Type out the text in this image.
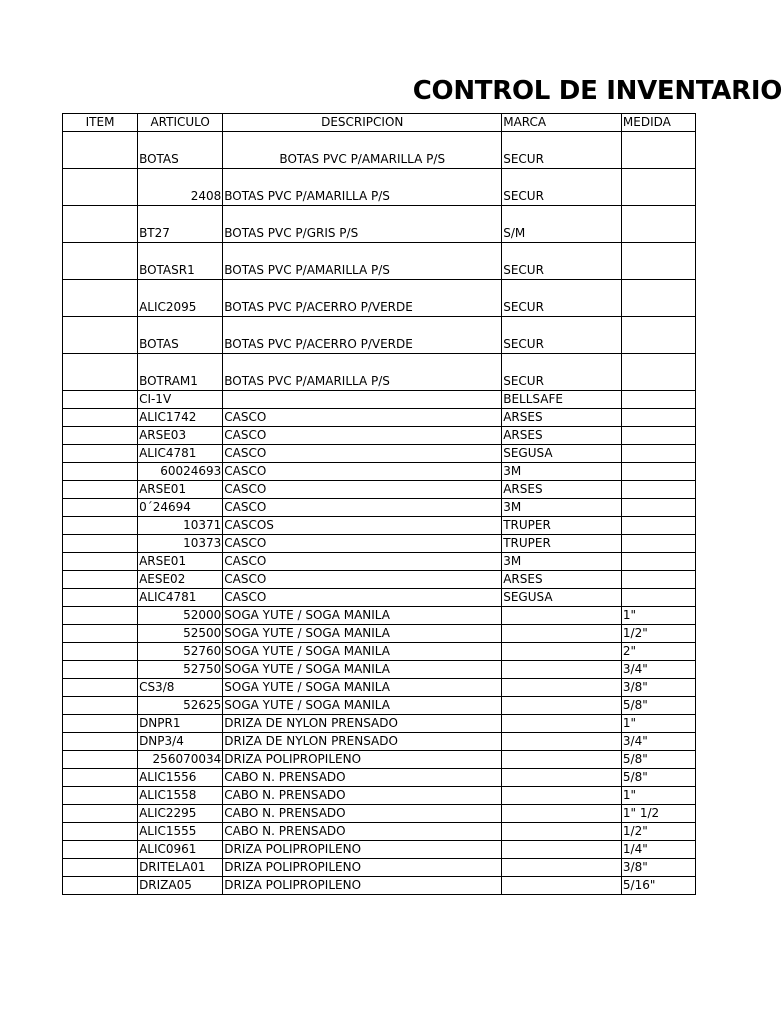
CONTROL DE INVENTARIO
ITEM	ARTICULO	DESCRIPCION	MARCA	MEDIDA
	BOTAS	BOTAS PVC P/AMARILLA P/S	SECUR	
	2408	BOTAS PVC P/AMARILLA P/S	SECUR	
	BT27	BOTAS PVC P/GRIS P/S	S/M	
	BOTASR1	BOTAS PVC P/AMARILLA P/S	SECUR	
	ALIC2095	BOTAS PVC P/ACERRO P/VERDE	SECUR	
	BOTAS	BOTAS PVC P/ACERRO P/VERDE	SECUR	
	BOTRAM1	BOTAS PVC P/AMARILLA P/S	SECUR	
	CI-1V		BELLSAFE	
	ALIC1742	CASCO	ARSES	
	ARSE03	CASCO	ARSES	
	ALIC4781	CASCO	SEGUSA	
	60024693	CASCO	3M	
	ARSE01	CASCO	ARSES	
	0´24694	CASCO	3M	
	10371	CASCOS	TRUPER	
	10373	CASCO	TRUPER	
	ARSE01	CASCO	3M	
	AESE02	CASCO	ARSES	
	ALIC4781	CASCO	SEGUSA	
	52000	SOGA YUTE / SOGA MANILA		1"
	52500	SOGA YUTE / SOGA MANILA		1/2"
	52760	SOGA YUTE / SOGA MANILA		2"
	52750	SOGA YUTE / SOGA MANILA		3/4"
	CS3/8	SOGA YUTE / SOGA MANILA		3/8"
	52625	SOGA YUTE / SOGA MANILA		5/8"
	DNPR1	DRIZA DE NYLON PRENSADO		1"
	DNP3/4	DRIZA DE NYLON PRENSADO		3/4"
	256070034	DRIZA POLIPROPILENO		5/8"
	ALIC1556	CABO N. PRENSADO		5/8"
	ALIC1558	CABO N. PRENSADO		1"
	ALIC2295	CABO N. PRENSADO		1" 1/2
	ALIC1555	CABO N. PRENSADO		1/2"
	ALIC0961	DRIZA POLIPROPILENO		1/4"
	DRITELA01	DRIZA POLIPROPILENO		3/8"
	DRIZA05	DRIZA POLIPROPILENO		5/16"
